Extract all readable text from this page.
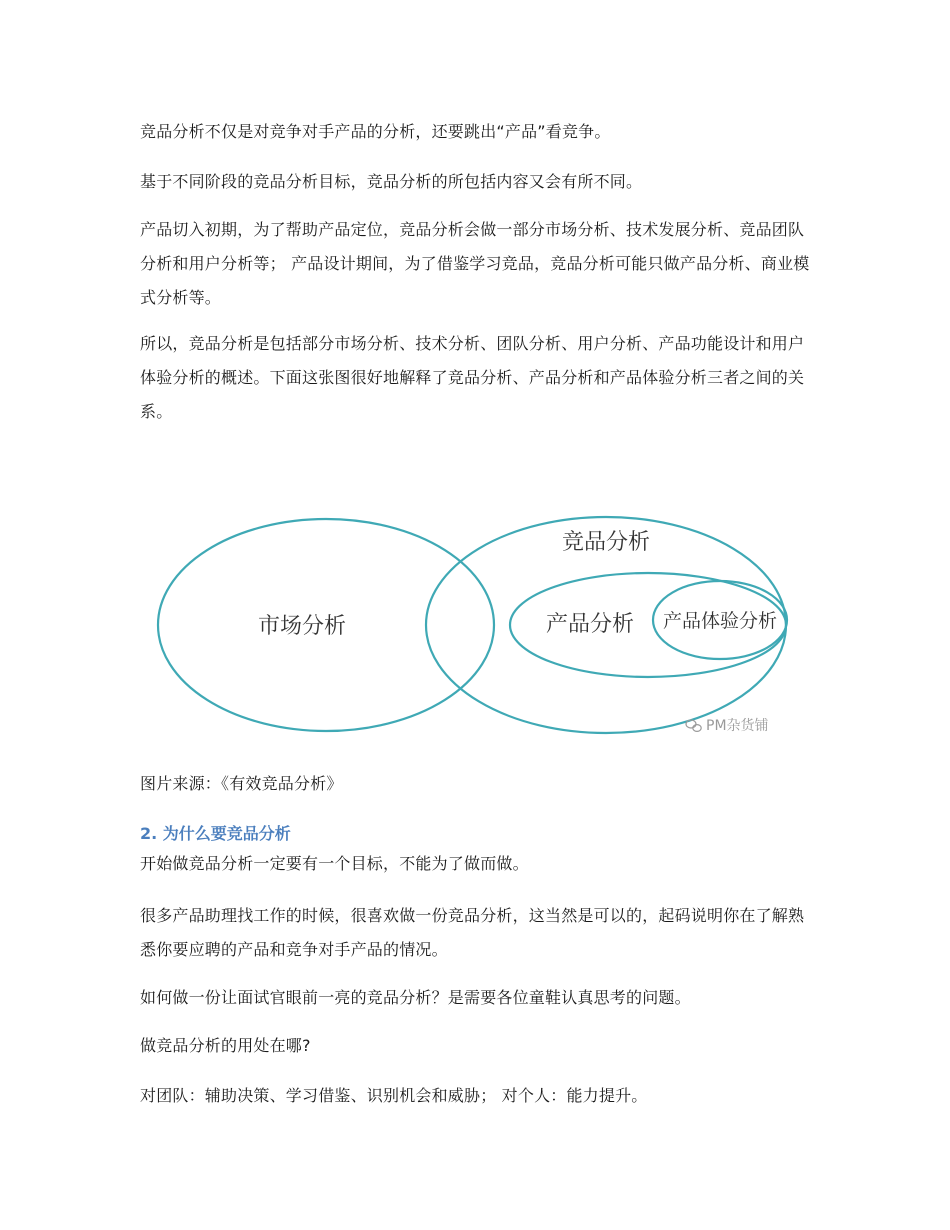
竞品分析不仅是对竞争对手产品的分析，还要跳出“产品”看竞争。

基于不同阶段的竞品分析目标，竞品分析的所包括内容又会有所不同。

产品切入初期，为了帮助产品定位，竞品分析会做一部分市场分析、技术发展分析、竞品团队分析和用户分析等； 产品设计期间，为了借鉴学习竞品，竞品分析可能只做产品分析、商业模式分析等。

所以，竞品分析是包括部分市场分析、技术分析、团队分析、用户分析、产品功能设计和用户体验分析的概述。下面这张图很好地解释了竞品分析、产品分析和产品体验分析三者之间的关系。

市场分析
竞品分析
产品分析 产品体验分析
PM杂货铺

图片来源：《有效竞品分析》

2. 为什么要竞品分析

开始做竞品分析一定要有一个目标，不能为了做而做。

很多产品助理找工作的时候，很喜欢做一份竞品分析，这当然是可以的，起码说明你在了解熟悉你要应聘的产品和竞争对手产品的情况。

如何做一份让面试官眼前一亮的竞品分析？是需要各位童鞋认真思考的问题。

做竞品分析的用处在哪?

对团队：辅助决策、学习借鉴、识别机会和威胁； 对个人：能力提升。
